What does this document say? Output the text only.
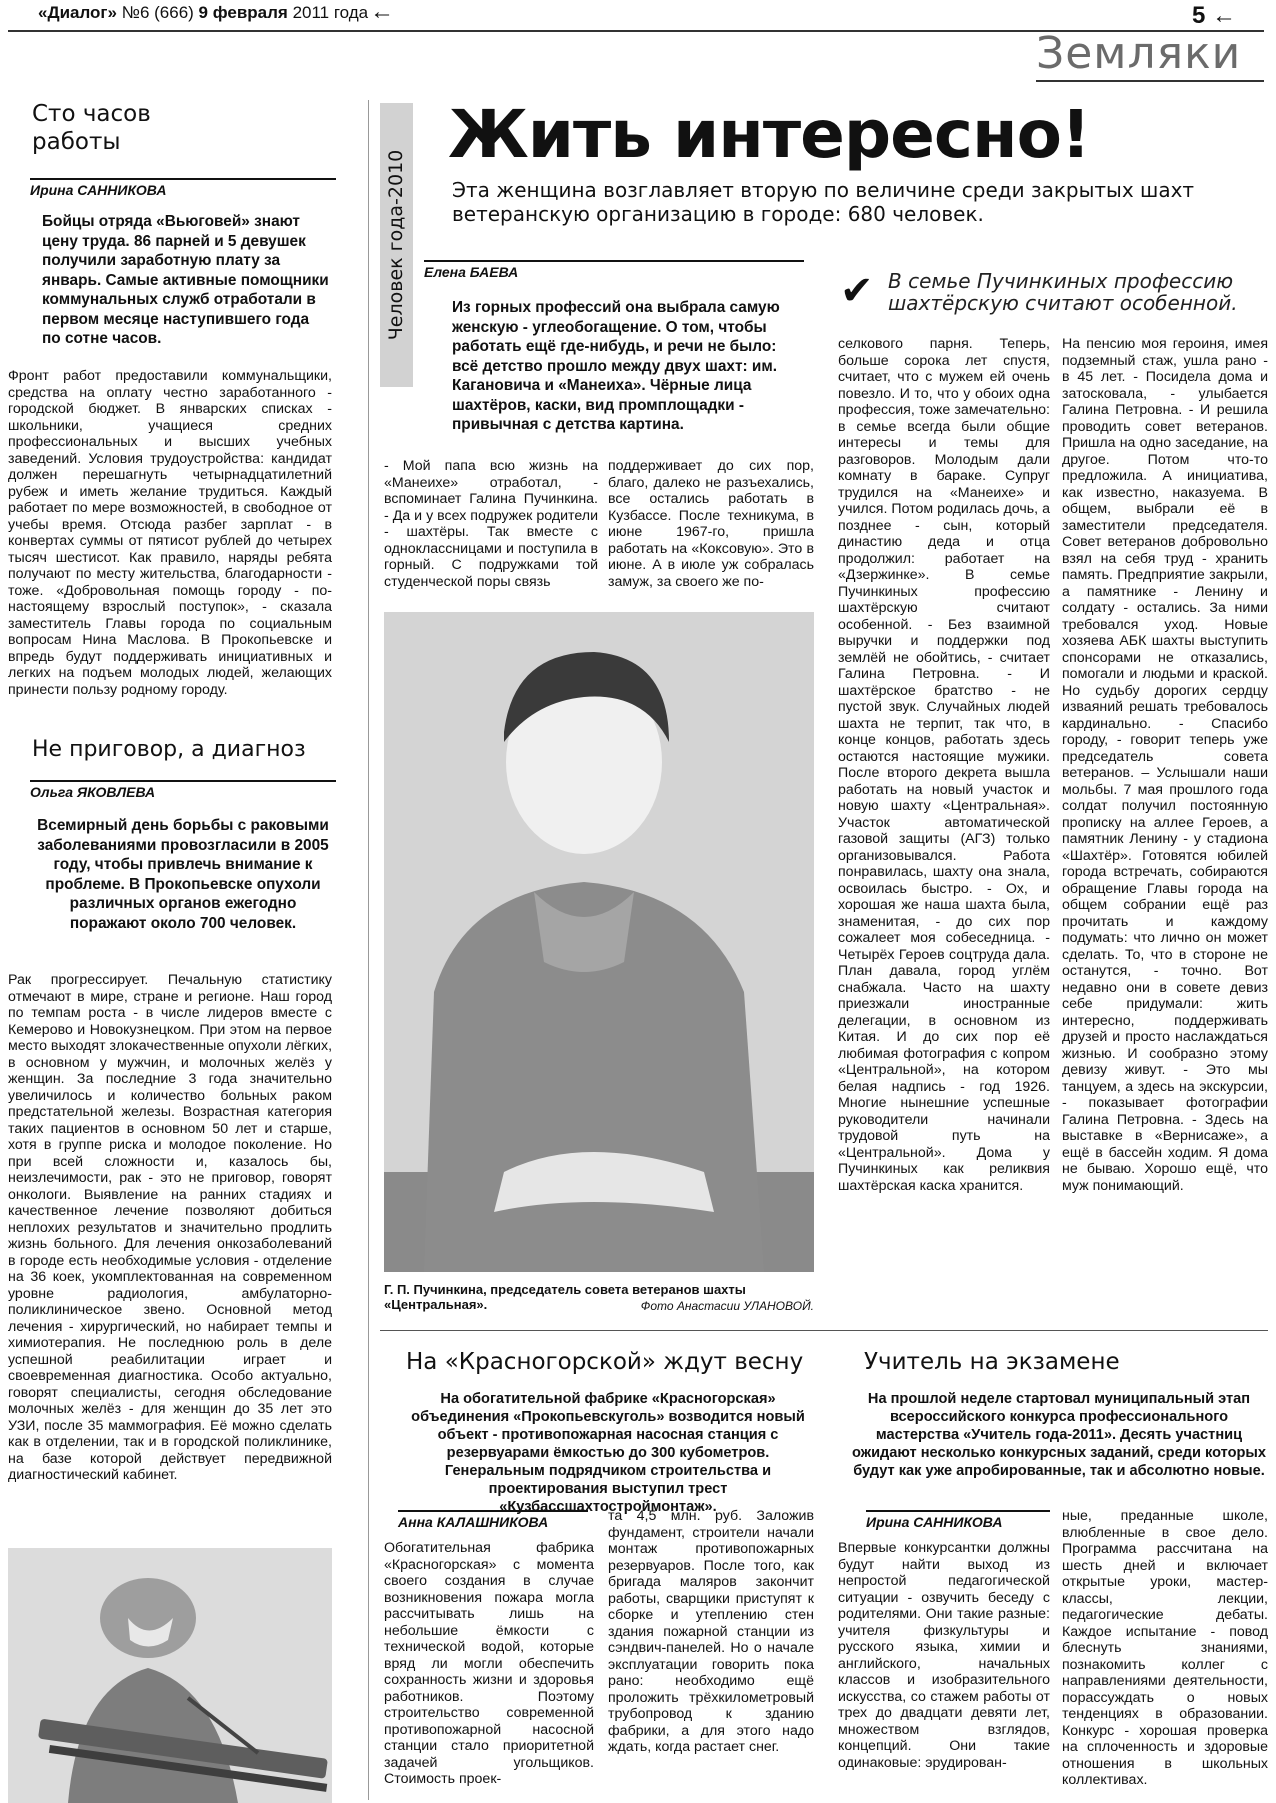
«Диалог» №6 (666) 9 февраля 2011 года ←	5 ←
Земляки
Сто часов
работы
Ирина САННИКОВА
Бойцы отряда «Вьюговей» знают цену труда. 86 парней и 5 девушек получили заработную плату за январь. Самые активные помощники коммунальных служб отработали в первом месяце наступившего года по сотне часов.
Фронт работ предоставили коммунальщики, средства на оплату честно заработанного - городской бюджет. В январских списках - школьники, учащиеся средних профессиональных и высших учебных заведений. Условия трудоустройства: кандидат должен перешагнуть четырнадцатилетний рубеж и иметь желание трудиться. Каждый работает по мере возможностей, в свободное от учебы время. Отсюда разбег зарплат - в конвертах суммы от пятисот рублей до четырех тысяч шестисот. Как правило, наряды ребята получают по месту жительства, благодарности - тоже. «Добровольная помощь городу - по-настоящему взрослый поступок», - сказала заместитель Главы города по социальным вопросам Нина Маслова. В Прокопьевске и впредь будут поддерживать инициативных и легких на подъем молодых людей, желающих принести пользу родному городу.
Не приговор, а диагноз
Ольга ЯКОВЛЕВА
Всемирный день борьбы с раковыми заболеваниями провозгласили в 2005 году, чтобы привлечь внимание к проблеме. В Прокопьевске опухоли различных органов ежегодно поражают около 700 человек.
Рак прогрессирует. Печальную статистику отмечают в мире, стране и регионе. Наш город по темпам роста - в числе лидеров вместе с Кемерово и Новокузнецком. При этом на первое место выходят злокачественные опухоли лёгких, в основном у мужчин, и молочных желёз у женщин. За последние 3 года значительно увеличилось и количество больных раком предстательной железы. Возрастная категория таких пациентов в основном 50 лет и старше, хотя в группе риска и молодое поколение. Но при всей сложности и, казалось бы, неизлечимости, рак - это не приговор, говорят онкологи. Выявление на ранних стадиях и качественное лечение позволяют добиться неплохих результатов и значительно продлить жизнь больного. Для лечения онкозаболеваний в городе есть необходимые условия - отделение на 36 коек, укомплектованная на современном уровне радиология, амбулаторно-поликлиническое звено. Основной метод лечения - хирургический, но набирает темпы и химиотерапия. Не последнюю роль в деле успешной реабилитации играет и своевременная диагностика. Особо актуально, говорят специалисты, сегодня обследование молочных желёз - для женщин до 35 лет это УЗИ, после 35 маммография. Её можно сделать как в отделении, так и в городской поликлинике, на базе которой действует передвижной диагностический кабинет.
Человек года-2010
Жить интересно!
Эта женщина возглавляет вторую по величине среди закрытых шахт ветеранскую организацию в городе: 680 человек.
Елена БАЕВА
Из горных профессий она выбрала самую женскую - углеобогащение. О том, чтобы работать ещё где-нибудь, и речи не было: всё детство прошло между двух шахт: им. Кагановича и «Манеиха». Чёрные лица шахтёров, каски, вид промплощадки - привычная с детства картина.
✔ В семье Пучинкиных профессию шахтёрскую считают особенной.
- Мой папа всю жизнь на «Манеихе» отработал, - вспоминает Галина Пучинкина. - Да и у всех подружек родители - шахтёры. Так вместе с одноклассницами и поступила в горный. С подружками той студенческой поры связь
поддерживает до сих пор, благо, далеко не разъехались, все остались работать в Кузбассе. После техникума, в июне 1967-го, пришла работать на «Коксовую». Это в июне. А в июле уж собралась замуж, за своего же по-
Г. П. Пучинкина, председатель совета ветеранов шахты «Центральная».	Фото Анастасии УЛАНОВОЙ.
селкового парня. Теперь, больше сорока лет спустя, считает, что с мужем ей очень повезло. И то, что у обоих одна профессия, тоже замечательно: в семье всегда были общие интересы и темы для разговоров. Молодым дали комнату в бараке. Супруг трудился на «Манеихе» и учился. Потом родилась дочь, а позднее - сын, который династию деда и отца продолжил: работает на «Дзержинке». В семье Пучинкиных профессию шахтёрскую считают особенной. - Без взаимной выручки и поддержки под землёй не обойтись, - считает Галина Петровна. - И шахтёрское братство - не пустой звук. Случайных людей шахта не терпит, так что, в конце концов, работать здесь остаются настоящие мужики. После второго декрета вышла работать на новый участок и новую шахту «Центральная». Участок автоматической газовой защиты (АГЗ) только организовывался. Работа понравилась, шахту она знала, освоилась быстро. - Ох, и хорошая же наша шахта была, знаменитая, - до сих пор сожалеет моя собеседница. - Четырёх Героев соцтруда дала. План давала, город углём снабжала. Часто на шахту приезжали иностранные делегации, в основном из Китая. И до сих пор её любимая фотография с копром «Центральной», на котором белая надпись - год 1926. Многие нынешние успешные руководители начинали трудовой путь на «Центральной». Дома у Пучинкиных как реликвия шахтёрская каска хранится.
На пенсию моя героиня, имея подземный стаж, ушла рано - в 45 лет. - Посидела дома и затосковала, - улыбается Галина Петровна. - И решила проводить совет ветеранов. Пришла на одно заседание, на другое. Потом что-то предложила. А инициатива, как известно, наказуема. В общем, выбрали её в заместители председателя. Совет ветеранов добровольно взял на себя труд - хранить память. Предприятие закрыли, а памятнике - Ленину и солдату - остались. За ними требовался уход. Новые хозяева АБК шахты выступить спонсорами не отказались, помогали и людьми и краской. Но судьбу дорогих сердцу изваяний решать требовалось кардинально. - Спасибо городу, - говорит теперь уже председатель совета ветеранов. – Услышали наши мольбы. 7 мая прошлого года солдат получил постоянную прописку на аллее Героев, а памятник Ленину - у стадиона «Шахтёр». Готовятся юбилей города встречать, собираются обращение Главы города на общем собрании ещё раз прочитать и каждому подумать: что лично он может сделать. То, что в стороне не останутся, - точно. Вот недавно они в совете девиз себе придумали: жить интересно, поддерживать друзей и просто наслаждаться жизнью. И сообразно этому девизу живут. - Это мы танцуем, а здесь на экскурсии, - показывает фотографии Галина Петровна. - Здесь на выставке в «Вернисаже», а ещё в бассейн ходим. Я дома не бываю. Хорошо ещё, что муж понимающий.
На «Красногорской» ждут весну
На обогатительной фабрике «Красногорская» объединения «Прокопьевскуголь» возводится новый объект - противопожарная насосная станция с резервуарами ёмкостью до 300 кубометров. Генеральным подрядчиком строительства и проектирования выступил трест «Кузбассшахтостроймонтаж».
Анна КАЛАШНИКОВА
Обогатительная фабрика «Красногорская» с момента своего создания в случае возникновения пожара могла рассчитывать лишь на небольшие ёмкости с технической водой, которые вряд ли могли обеспечить сохранность жизни и здоровья работников. Поэтому строительство современной противопожарной насосной станции стало приоритетной задачей угольщиков. Стоимость проек-
та 4,5 млн. руб. Заложив фундамент, строители начали монтаж противопожарных резервуаров. После того, как бригада маляров закончит работы, сварщики приступят к сборке и утеплению стен здания пожарной станции из сэндвич-панелей. Но о начале эксплуатации говорить пока рано: необходимо ещё проложить трёхкилометровый трубопровод к зданию фабрики, а для этого надо ждать, когда растает снег.
Учитель на экзамене
На прошлой неделе стартовал муниципальный этап всероссийского конкурса профессионального мастерства «Учитель года-2011». Десять участниц ожидают несколько конкурсных заданий, среди которых будут как уже апробированные, так и абсолютно новые.
Ирина САННИКОВА
Впервые конкурсантки должны будут найти выход из непростой педагогической ситуации - озвучить беседу с родителями. Они такие разные: учителя физкультуры и русского языка, химии и английского, начальных классов и изобразительного искусства, со стажем работы от трех до двадцати девяти лет, множеством взглядов, концепций. Они такие одинаковые: эрудирован-
ные, преданные школе, влюбленные в свое дело. Программа рассчитана на шесть дней и включает открытые уроки, мастер-классы, лекции, педагогические дебаты. Каждое испытание - повод блеснуть знаниями, познакомить коллег с направлениями деятельности, порассуждать о новых тенденциях в образовании. Конкурс - хорошая проверка на сплоченность и здоровые отношения в школьных коллективах.
